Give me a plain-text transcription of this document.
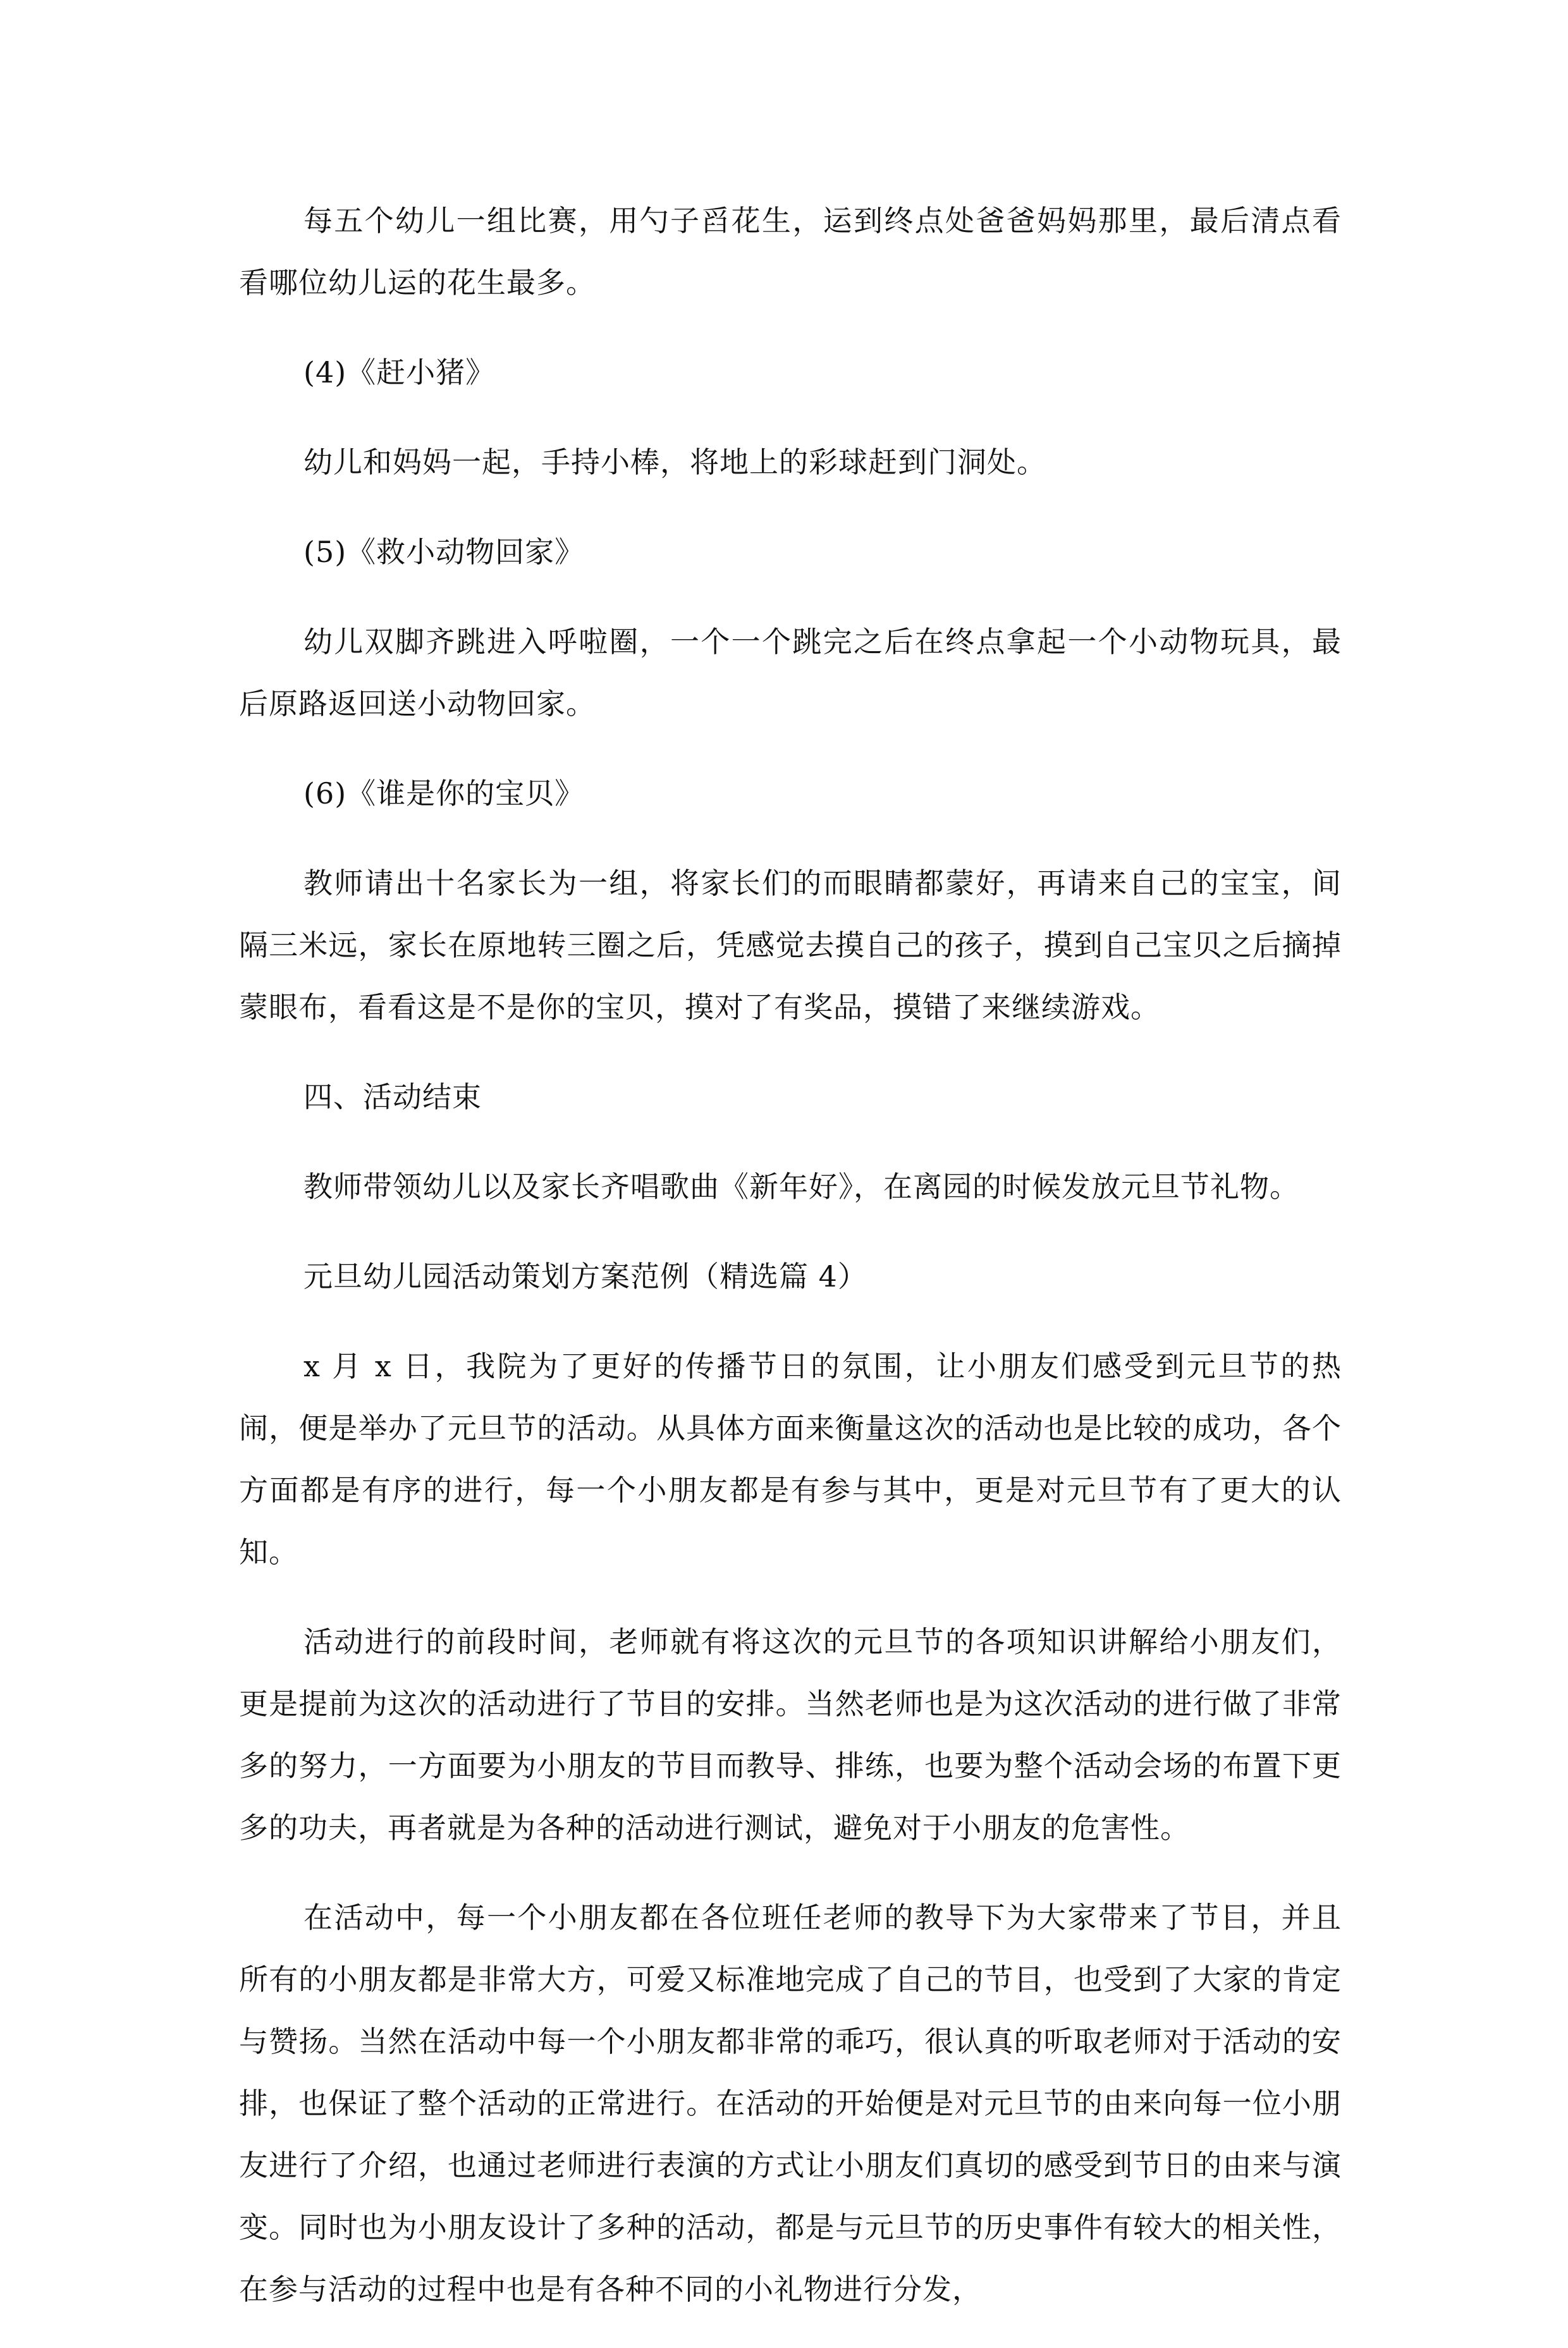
每五个幼儿一组比赛，用勺子舀花生，运到终点处爸爸妈妈那里，最后清点看看哪位幼儿运的花生最多。

(4)《赶小猪》

幼儿和妈妈一起，手持小棒，将地上的彩球赶到门洞处。

(5)《救小动物回家》

幼儿双脚齐跳进入呼啦圈，一个一个跳完之后在终点拿起一个小动物玩具，最后原路返回送小动物回家。

(6)《谁是你的宝贝》

教师请出十名家长为一组，将家长们的而眼睛都蒙好，再请来自己的宝宝，间隔三米远，家长在原地转三圈之后，凭感觉去摸自己的孩子，摸到自己宝贝之后摘掉蒙眼布，看看这是不是你的宝贝，摸对了有奖品，摸错了来继续游戏。

四、活动结束

教师带领幼儿以及家长齐唱歌曲《新年好》，在离园的时候发放元旦节礼物。

元旦幼儿园活动策划方案范例（精选篇 4）

x 月 x 日，我院为了更好的传播节日的氛围，让小朋友们感受到元旦节的热闹，便是举办了元旦节的活动。从具体方面来衡量这次的活动也是比较的成功，各个方面都是有序的进行，每一个小朋友都是有参与其中，更是对元旦节有了更大的认知。

活动进行的前段时间，老师就有将这次的元旦节的各项知识讲解给小朋友们，更是提前为这次的活动进行了节目的安排。当然老师也是为这次活动的进行做了非常多的努力，一方面要为小朋友的节目而教导、排练，也要为整个活动会场的布置下更多的功夫，再者就是为各种的活动进行测试，避免对于小朋友的危害性。

在活动中，每一个小朋友都在各位班任老师的教导下为大家带来了节目，并且所有的小朋友都是非常大方，可爱又标准地完成了自己的节目，也受到了大家的肯定与赞扬。当然在活动中每一个小朋友都非常的乖巧，很认真的听取老师对于活动的安排，也保证了整个活动的正常进行。在活动的开始便是对元旦节的由来向每一位小朋友进行了介绍，也通过老师进行表演的方式让小朋友们真切的感受到节日的由来与演变。同时也为小朋友设计了多种的活动，都是与元旦节的历史事件有较大的相关性，在参与活动的过程中也是有各种不同的小礼物进行分发，
